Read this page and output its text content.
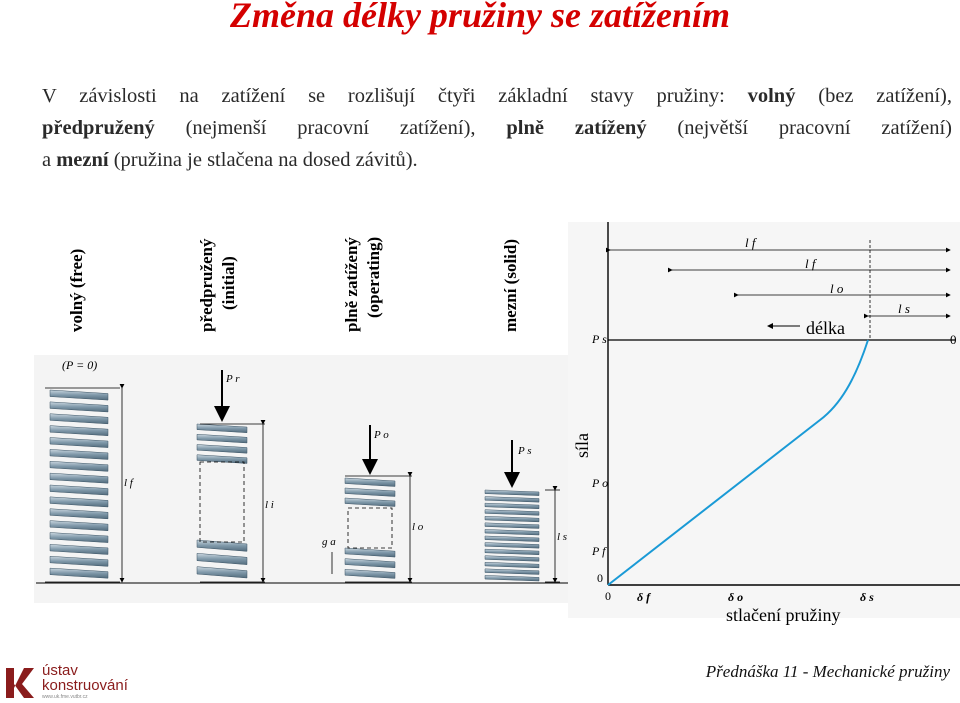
Změna délky pružiny se zatížením
V závislosti na zatížení se rozlišují čtyři základní stavy pružiny: volný (bez zatížení),
předpružený (nejmenší pracovní zatížení), plně zatížený (největší pracovní zatížení)
a mezní (pružina je stlačena na dosed závitů).
volný (free)	předpružený (initial)	plně zatížený (operating)	mezní (solid)
(P = 0)
l f
P r
l i
P o
l o
g a
P s
l s
l f
l f
l o
l s
délka
0
P s
P o
P f
0
síla
0 δ f	δ o	δ s
stlačení pružiny
ústav
konstruování
www.uk.fme.vutbr.cz
Přednáška 11 - Mechanické pružiny
